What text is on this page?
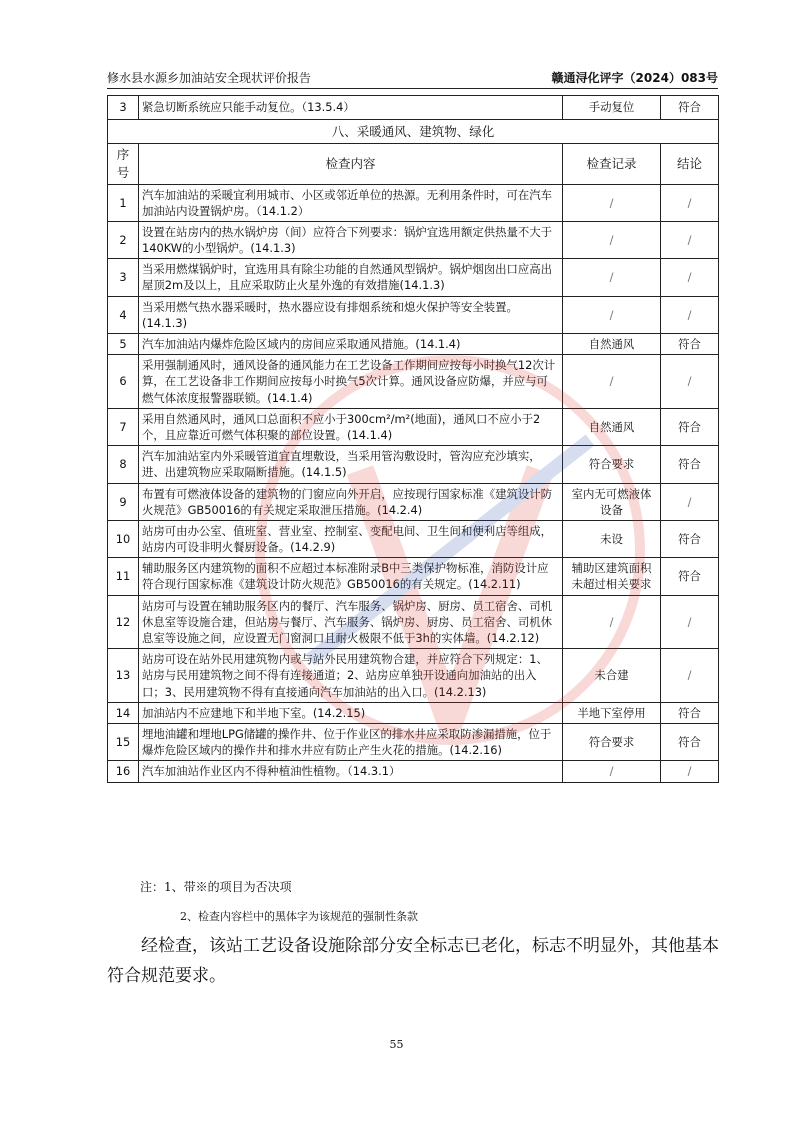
修水县水源乡加油站安全现状评价报告	赣通浔化评字（2024）083号
3	紧急切断系统应只能手动复位。（13.5.4）	手动复位	符合
八、采暖通风、建筑物、绿化			
序号	检查内容	检查记录	结论
1	汽车加油站的采暖宜利用城市、小区或邻近单位的热源。无利用条件时，可在汽车加油站内设置锅炉房。（14.1.2）	/	/
2	设置在站房内的热水锅炉房（间）应符合下列要求：锅炉宜选用额定供热量不大于140KW的小型锅炉。(14.1.3)	/	/
3	当采用燃煤锅炉时，宜选用具有除尘功能的自然通风型锅炉。锅炉烟囱出口应高出屋顶2m及以上，且应采取防止火星外逸的有效措施(14.1.3)	/	/
4	当采用燃气热水器采暖时，热水器应设有排烟系统和熄火保护等安全装置。(14.1.3)	/	/
5	汽车加油站内爆炸危险区域内的房间应采取通风措施。(14.1.4)	自然通风	符合
6	采用强制通风时，通风设备的通风能力在工艺设备工作期间应按每小时换气12次计算，在工艺设备非工作期间应按每小时换气5次计算。通风设备应防爆，并应与可燃气体浓度报警器联锁。(14.1.4)	/	/
7	采用自然通风时，通风口总面积不应小于300cm²/m²(地面)，通风口不应小于2个，且应靠近可燃气体积聚的部位设置。(14.1.4)	自然通风	符合
8	汽车加油站室内外采暖管道宜直埋敷设，当采用管沟敷设时，管沟应充沙填实，进、出建筑物应采取隔断措施。(14.1.5)	符合要求	符合
9	布置有可燃液体设备的建筑物的门窗应向外开启，应按现行国家标准《建筑设计防火规范》GB50016的有关规定采取泄压措施。(14.2.4)	室内无可燃液体设备	/
10	站房可由办公室、值班室、营业室、控制室、变配电间、卫生间和便利店等组成，站房内可设非明火餐厨设备。(14.2.9)	未设	符合
11	辅助服务区内建筑物的面积不应超过本标准附录B中三类保护物标准，消防设计应符合现行国家标准《建筑设计防火规范》GB50016的有关规定。(14.2.11)	辅助区建筑面积未超过相关要求	符合
12	站房可与设置在辅助服务区内的餐厅、汽车服务、锅炉房、厨房、员工宿舍、司机休息室等设施合建，但站房与餐厅、汽车服务、锅炉房、厨房、员工宿舍、司机休息室等设施之间，应设置无门窗洞口且耐火极限不低于3h的实体墙。(14.2.12)	/	/
13	站房可设在站外民用建筑物内或与站外民用建筑物合建，并应符合下列规定：1、站房与民用建筑物之间不得有连接通道；2、站房应单独开设通向加油站的出入口；3、民用建筑物不得有直接通向汽车加油站的出入口。(14.2.13)	未合建	/
14	加油站内不应建地下和半地下室。(14.2.15)	半地下室停用	符合
15	埋地油罐和埋地LPG储罐的操作井、位于作业区的排水井应采取防渗漏措施，位于爆炸危险区域内的操作井和排水井应有防止产生火花的措施。(14.2.16)	符合要求	符合
16	汽车加油站作业区内不得种植油性植物。（14.3.1）	/	/
注：1、带※的项目为否决项
2、检查内容栏中的黑体字为该规范的强制性条款
经检查，该站工艺设备设施除部分安全标志已老化，标志不明显外，其他基本符合规范要求。
55
